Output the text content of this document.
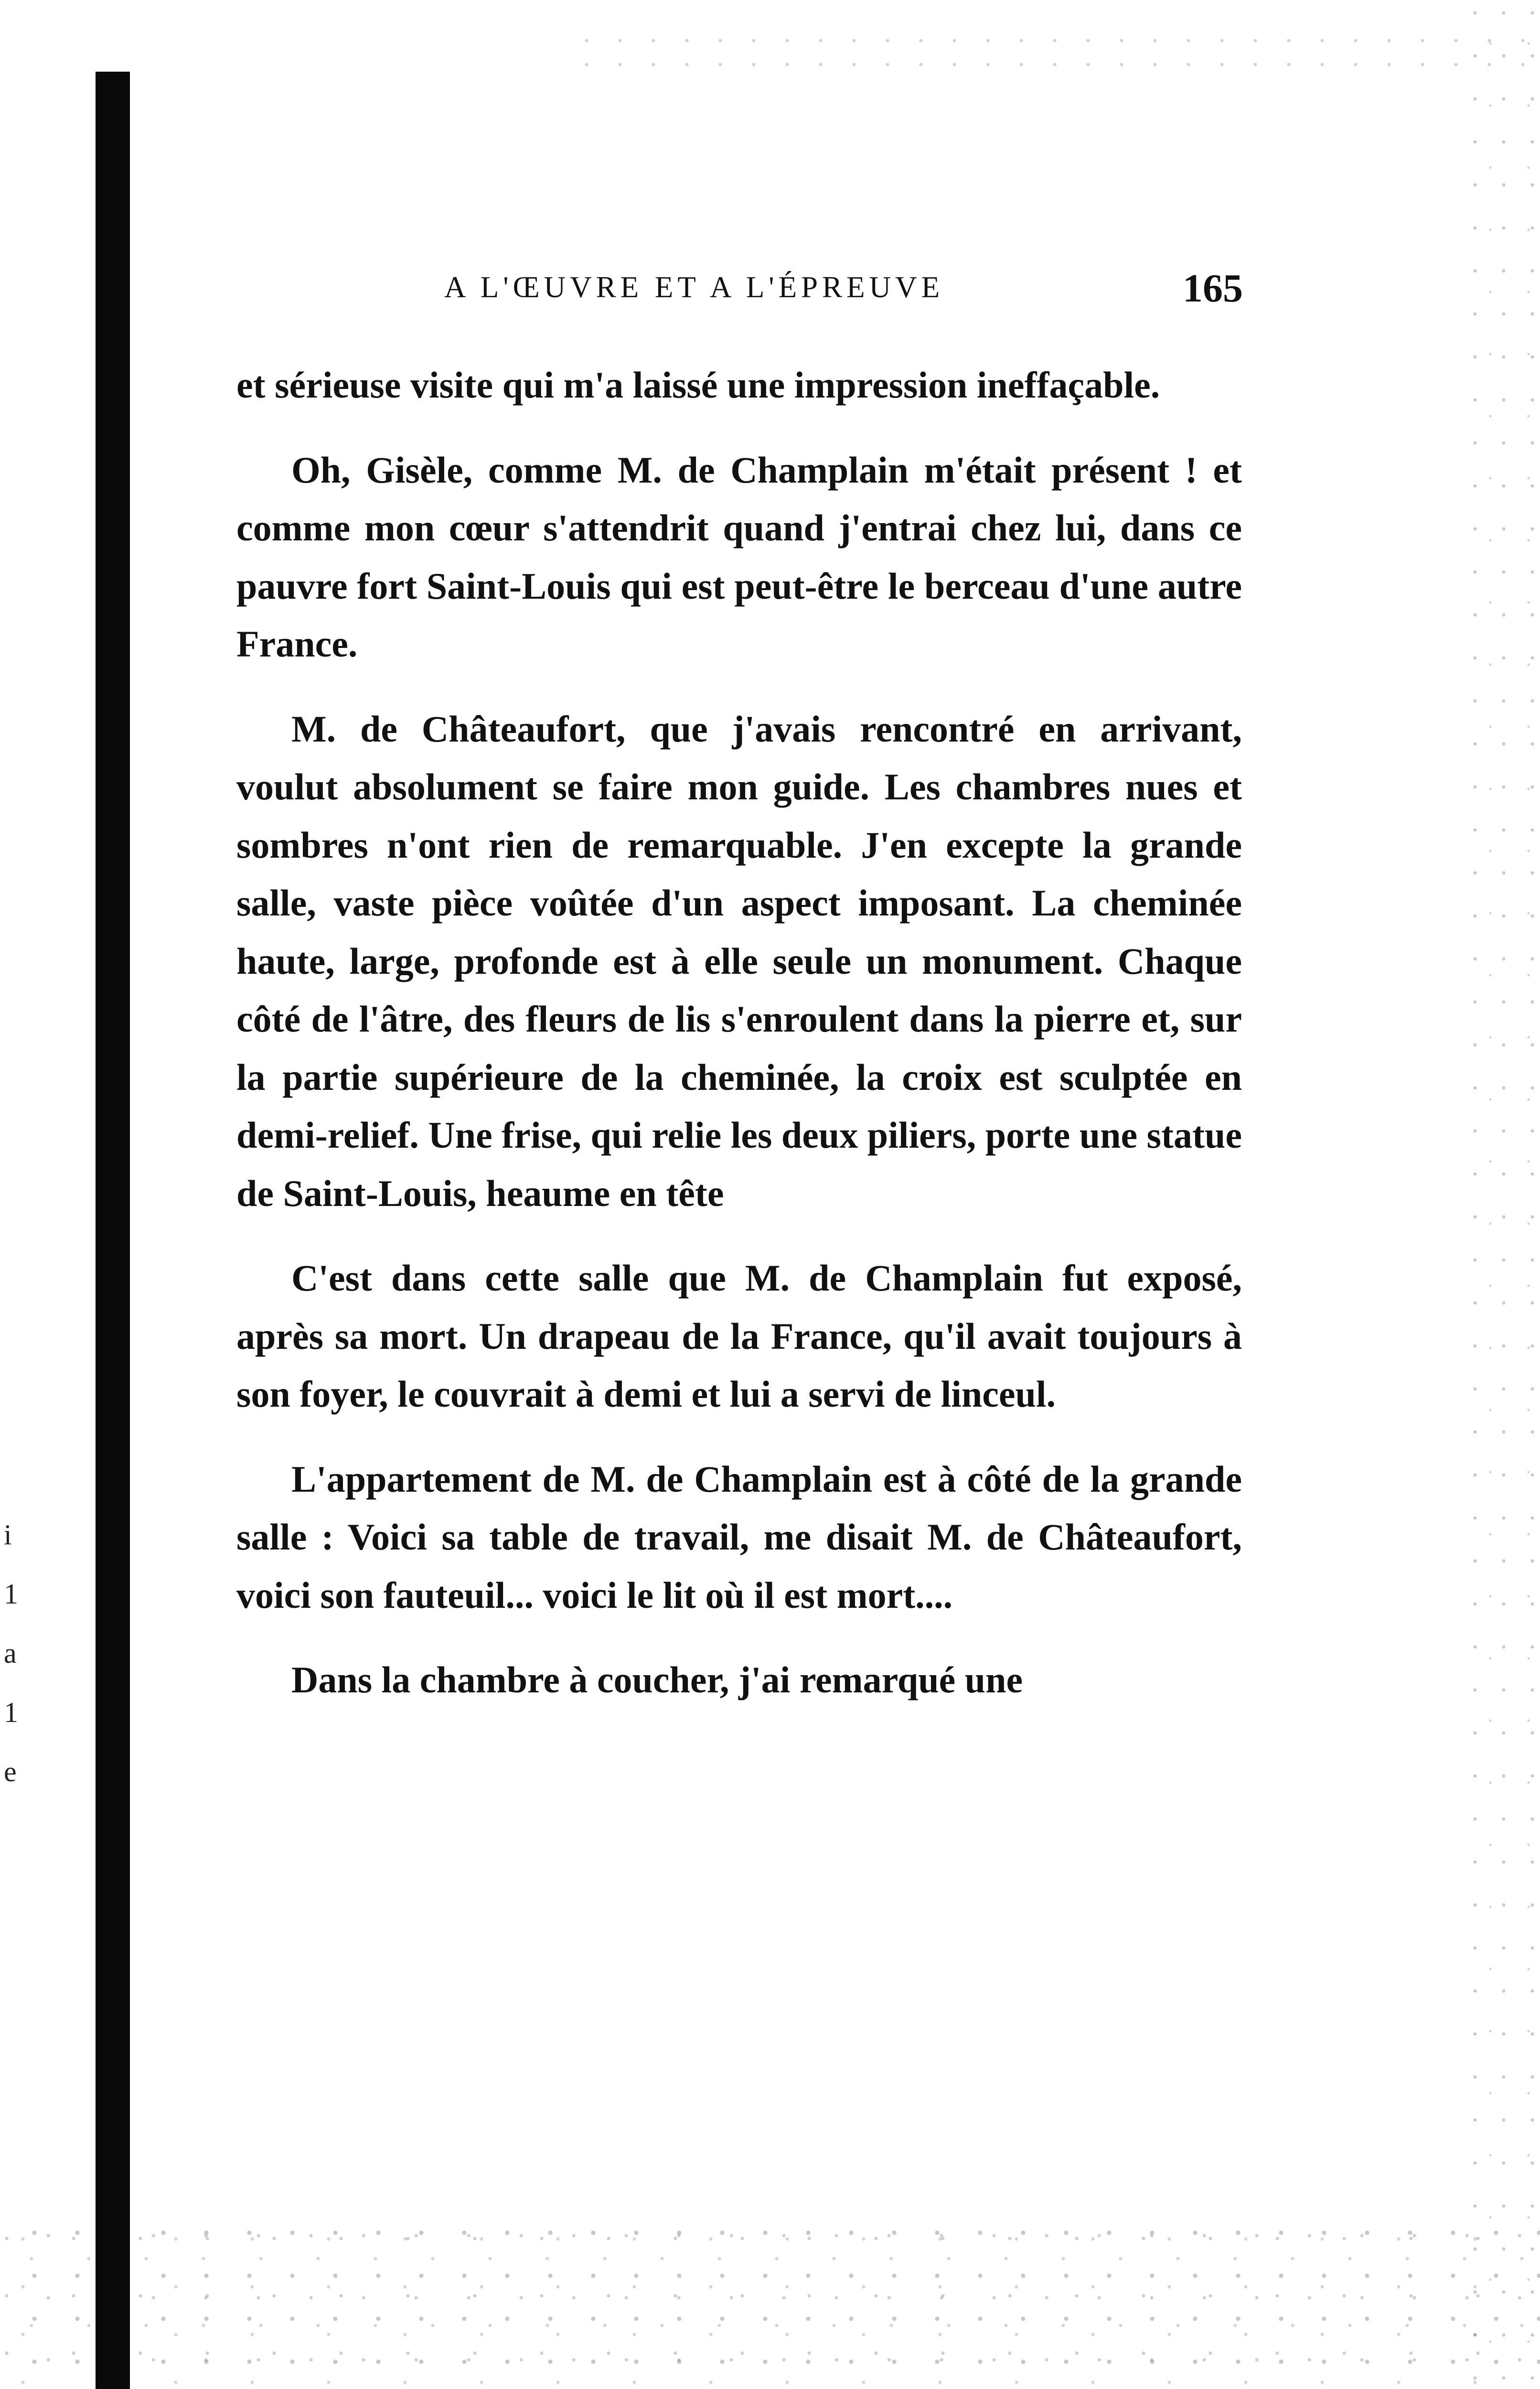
i
1
a
1
e
A L'ŒUVRE ET A L'ÉPREUVE	165

et sérieuse visite qui m'a laissé une impression ineffaçable.

Oh, Gisèle, comme M. de Champlain m'était présent ! et comme mon cœur s'attendrit quand j'entrai chez lui, dans ce pauvre fort Saint-Louis qui est peut-être le berceau d'une autre France.

M. de Châteaufort, que j'avais rencontré en arrivant, voulut absolument se faire mon guide. Les chambres nues et sombres n'ont rien de remarquable. J'en excepte la grande salle, vaste pièce voûtée d'un aspect imposant. La cheminée haute, large, profonde est à elle seule un monument. Chaque côté de l'âtre, des fleurs de lis s'enroulent dans la pierre et, sur la partie supérieure de la cheminée, la croix est sculptée en demi-relief. Une frise, qui relie les deux piliers, porte une statue de Saint-Louis, heaume en tête

C'est dans cette salle que M. de Champlain fut exposé, après sa mort. Un drapeau de la France, qu'il avait toujours à son foyer, le couvrait à demi et lui a servi de linceul.

L'appartement de M. de Champlain est à côté de la grande salle : Voici sa table de travail, me disait M. de Châteaufort, voici son fauteuil... voici le lit où il est mort....

Dans la chambre à coucher, j'ai remarqué une
